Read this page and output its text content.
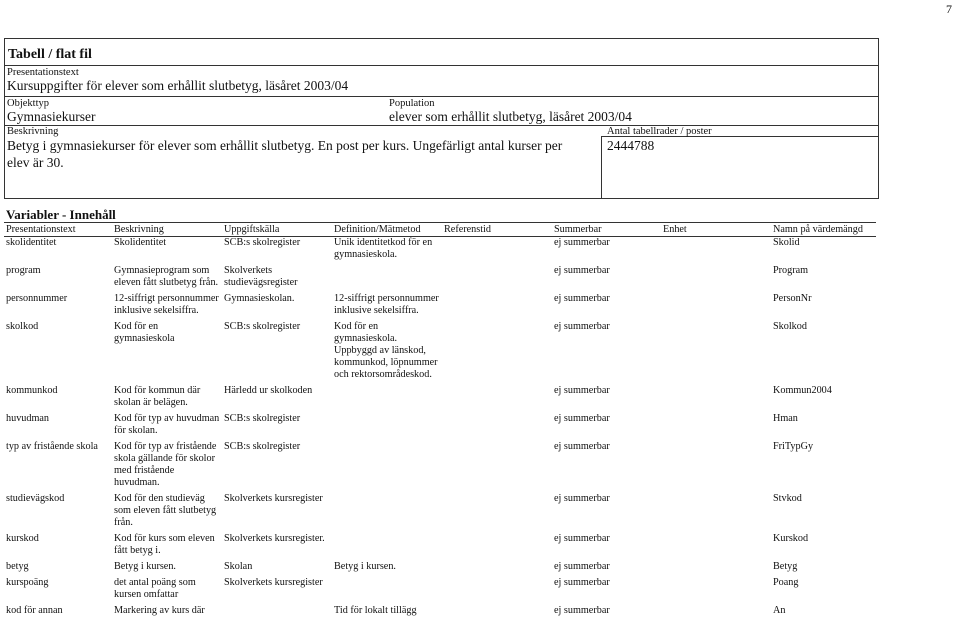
7
Tabell / flat fil
Presentationstext
Kursuppgifter för elever som erhållit slutbetyg, läsåret 2003/04
Objekttyp
Gymnasiekurser
Population
elever som erhållit slutbetyg, läsåret 2003/04
Beskrivning
Betyg i gymnasiekurser för elever som erhållit slutbetyg. En post per kurs. Ungefärligt antal kurser per
elev är 30.
Antal tabellrader / poster
2444788
Variabler - Innehåll
Presentationstext	Beskrivning	Uppgiftskälla	Definition/Mätmetod	Referenstid	Summerbar	Enhet	Namn på värdemängd
skolidentitet	Skolidentitet	SCB:s skolregister	Unik identitetkod för en gymnasieskola.		ej summerbar		Skolid
program	Gymnasieprogram som eleven fått slutbetyg från.	Skolverkets studievägsregister			ej summerbar		Program
personnummer	12-siffrigt personnummer inklusive sekelsiffra.	Gymnasieskolan.	12-siffrigt personnummer inklusive sekelsiffra.		ej summerbar		PersonNr
skolkod	Kod för en gymnasieskola	SCB:s skolregister	Kod för en gymnasieskola. Uppbyggd av länskod, kommunkod, löpnummer och rektorsområdeskod.		ej summerbar		Skolkod
kommunkod	Kod för kommun där skolan är belägen.	Härledd ur skolkoden			ej summerbar		Kommun2004
huvudman	Kod för typ av huvudman för skolan.	SCB:s skolregister			ej summerbar		Hman
typ av fristående skola	Kod för typ av fristående skola gällande för skolor med fristående huvudman.	SCB:s skolregister			ej summerbar		FriTypGy
studievägskod	Kod för den studieväg som eleven fått slutbetyg från.	Skolverkets kursregister			ej summerbar		Stvkod
kurskod	Kod för kurs som eleven fått betyg i.	Skolverkets kursregister.			ej summerbar		Kurskod
betyg	Betyg i kursen.	Skolan	Betyg i kursen.		ej summerbar		Betyg
kurspoäng	det antal poäng som kursen omfattar	Skolverkets kursregister			ej summerbar		Poang
kod för annan	Markering av kurs där		Tid för lokalt tillägg		ej summerbar		An
